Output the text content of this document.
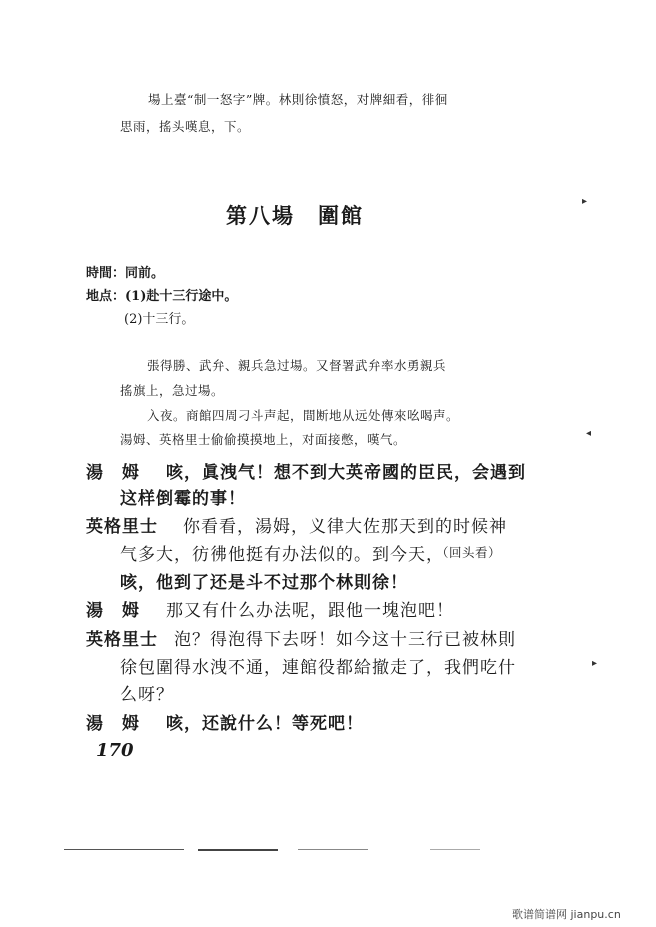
場上臺“制一怒字”牌。林則徐憤怒，对牌細看，徘徊
思雨，搖头嘆息，下。
第八場　圍館
時間：同前。
地点：(1)赴十三行途中。
(2)十三行。
張得勝、武弁、親兵急过場。又督署武弁率水勇親兵
搖旗上，急过場。
入夜。商館四周刁斗声起，間断地从远处傳來吆喝声。
湯姆、英格里士偷偷摸摸地上，对面接憋，嘆气。
湯　姆 咳，眞洩气！想不到大英帝國的臣民，会遇到
这样倒霉的事！
英格里士 你看看，湯姆，义律大佐那天到的时候神
气多大，彷彿他挺有办法似的。到今天，
（回头看）
咳，他到了还是斗不过那个林則徐！
湯　姆 那又有什么办法呢，跟他一塊泡吧！
英格里士 泡？得泡得下去呀！如今这十三行已被林則
徐包圍得水洩不通，連館役都給撤走了，我們吃什
么呀？
湯　姆 咳，还說什么！等死吧！
170
▸
◂
▸
歌谱简谱网 jianpu.cn
